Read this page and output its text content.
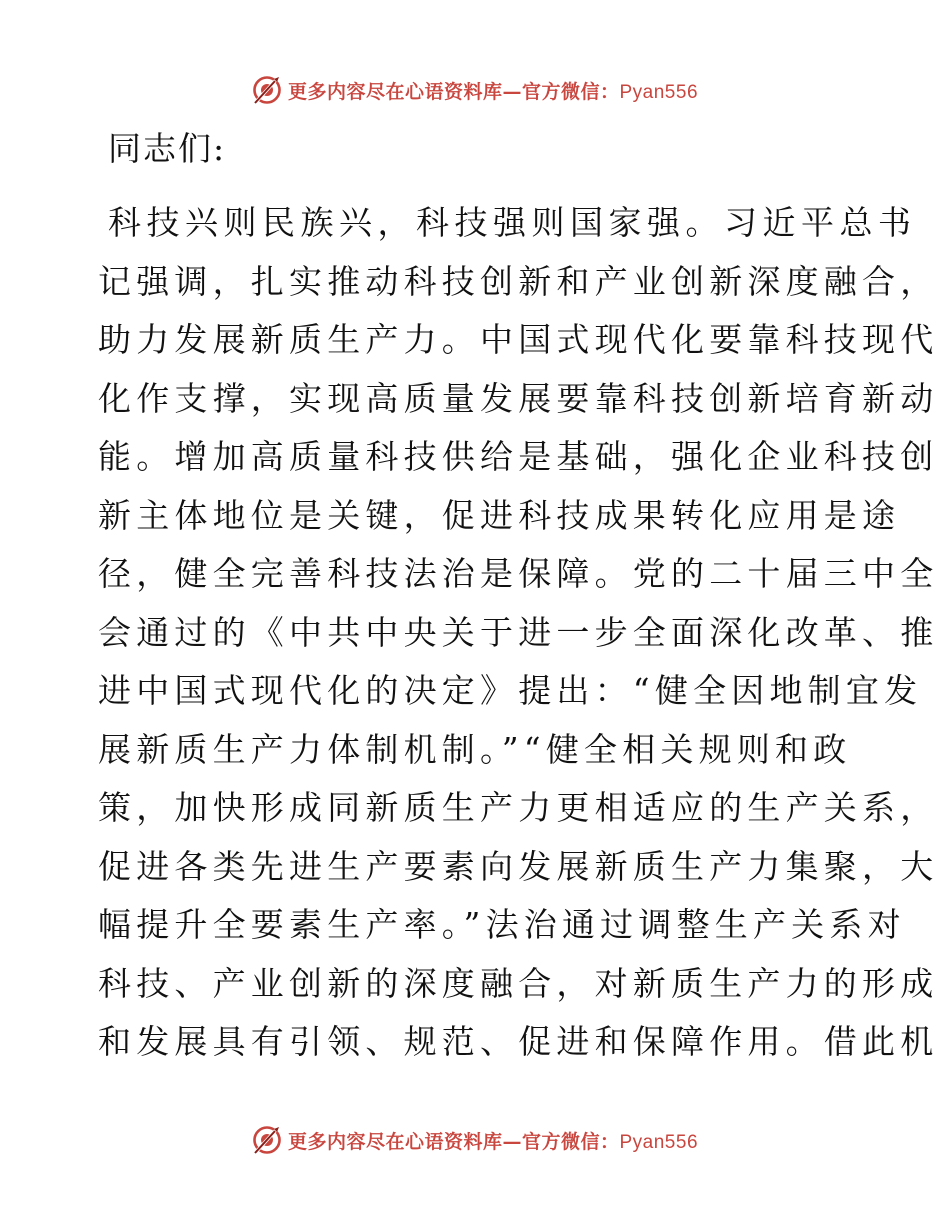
更多内容尽在心语资料库—官方微信：Pyan556
同志们:
科技兴则民族兴，科技强则国家强。习近平总书
记强调，扎实推动科技创新和产业创新深度融合，
助力发展新质生产力。中国式现代化要靠科技现代
化作支撑，实现高质量发展要靠科技创新培育新动
能。增加高质量科技供给是基础，强化企业科技创
新主体地位是关键，促进科技成果转化应用是途
径，健全完善科技法治是保障。党的二十届三中全
会通过的《中共中央关于进一步全面深化改革、推
进中国式现代化的决定》提出：“健全因地制宜发
展新质生产力体制机制。”“健全相关规则和政
策，加快形成同新质生产力更相适应的生产关系，
促进各类先进生产要素向发展新质生产力集聚，大
幅提升全要素生产率。”法治通过调整生产关系对
科技、产业创新的深度融合，对新质生产力的形成
和发展具有引领、规范、促进和保障作用。借此机
更多内容尽在心语资料库—官方微信：Pyan556
